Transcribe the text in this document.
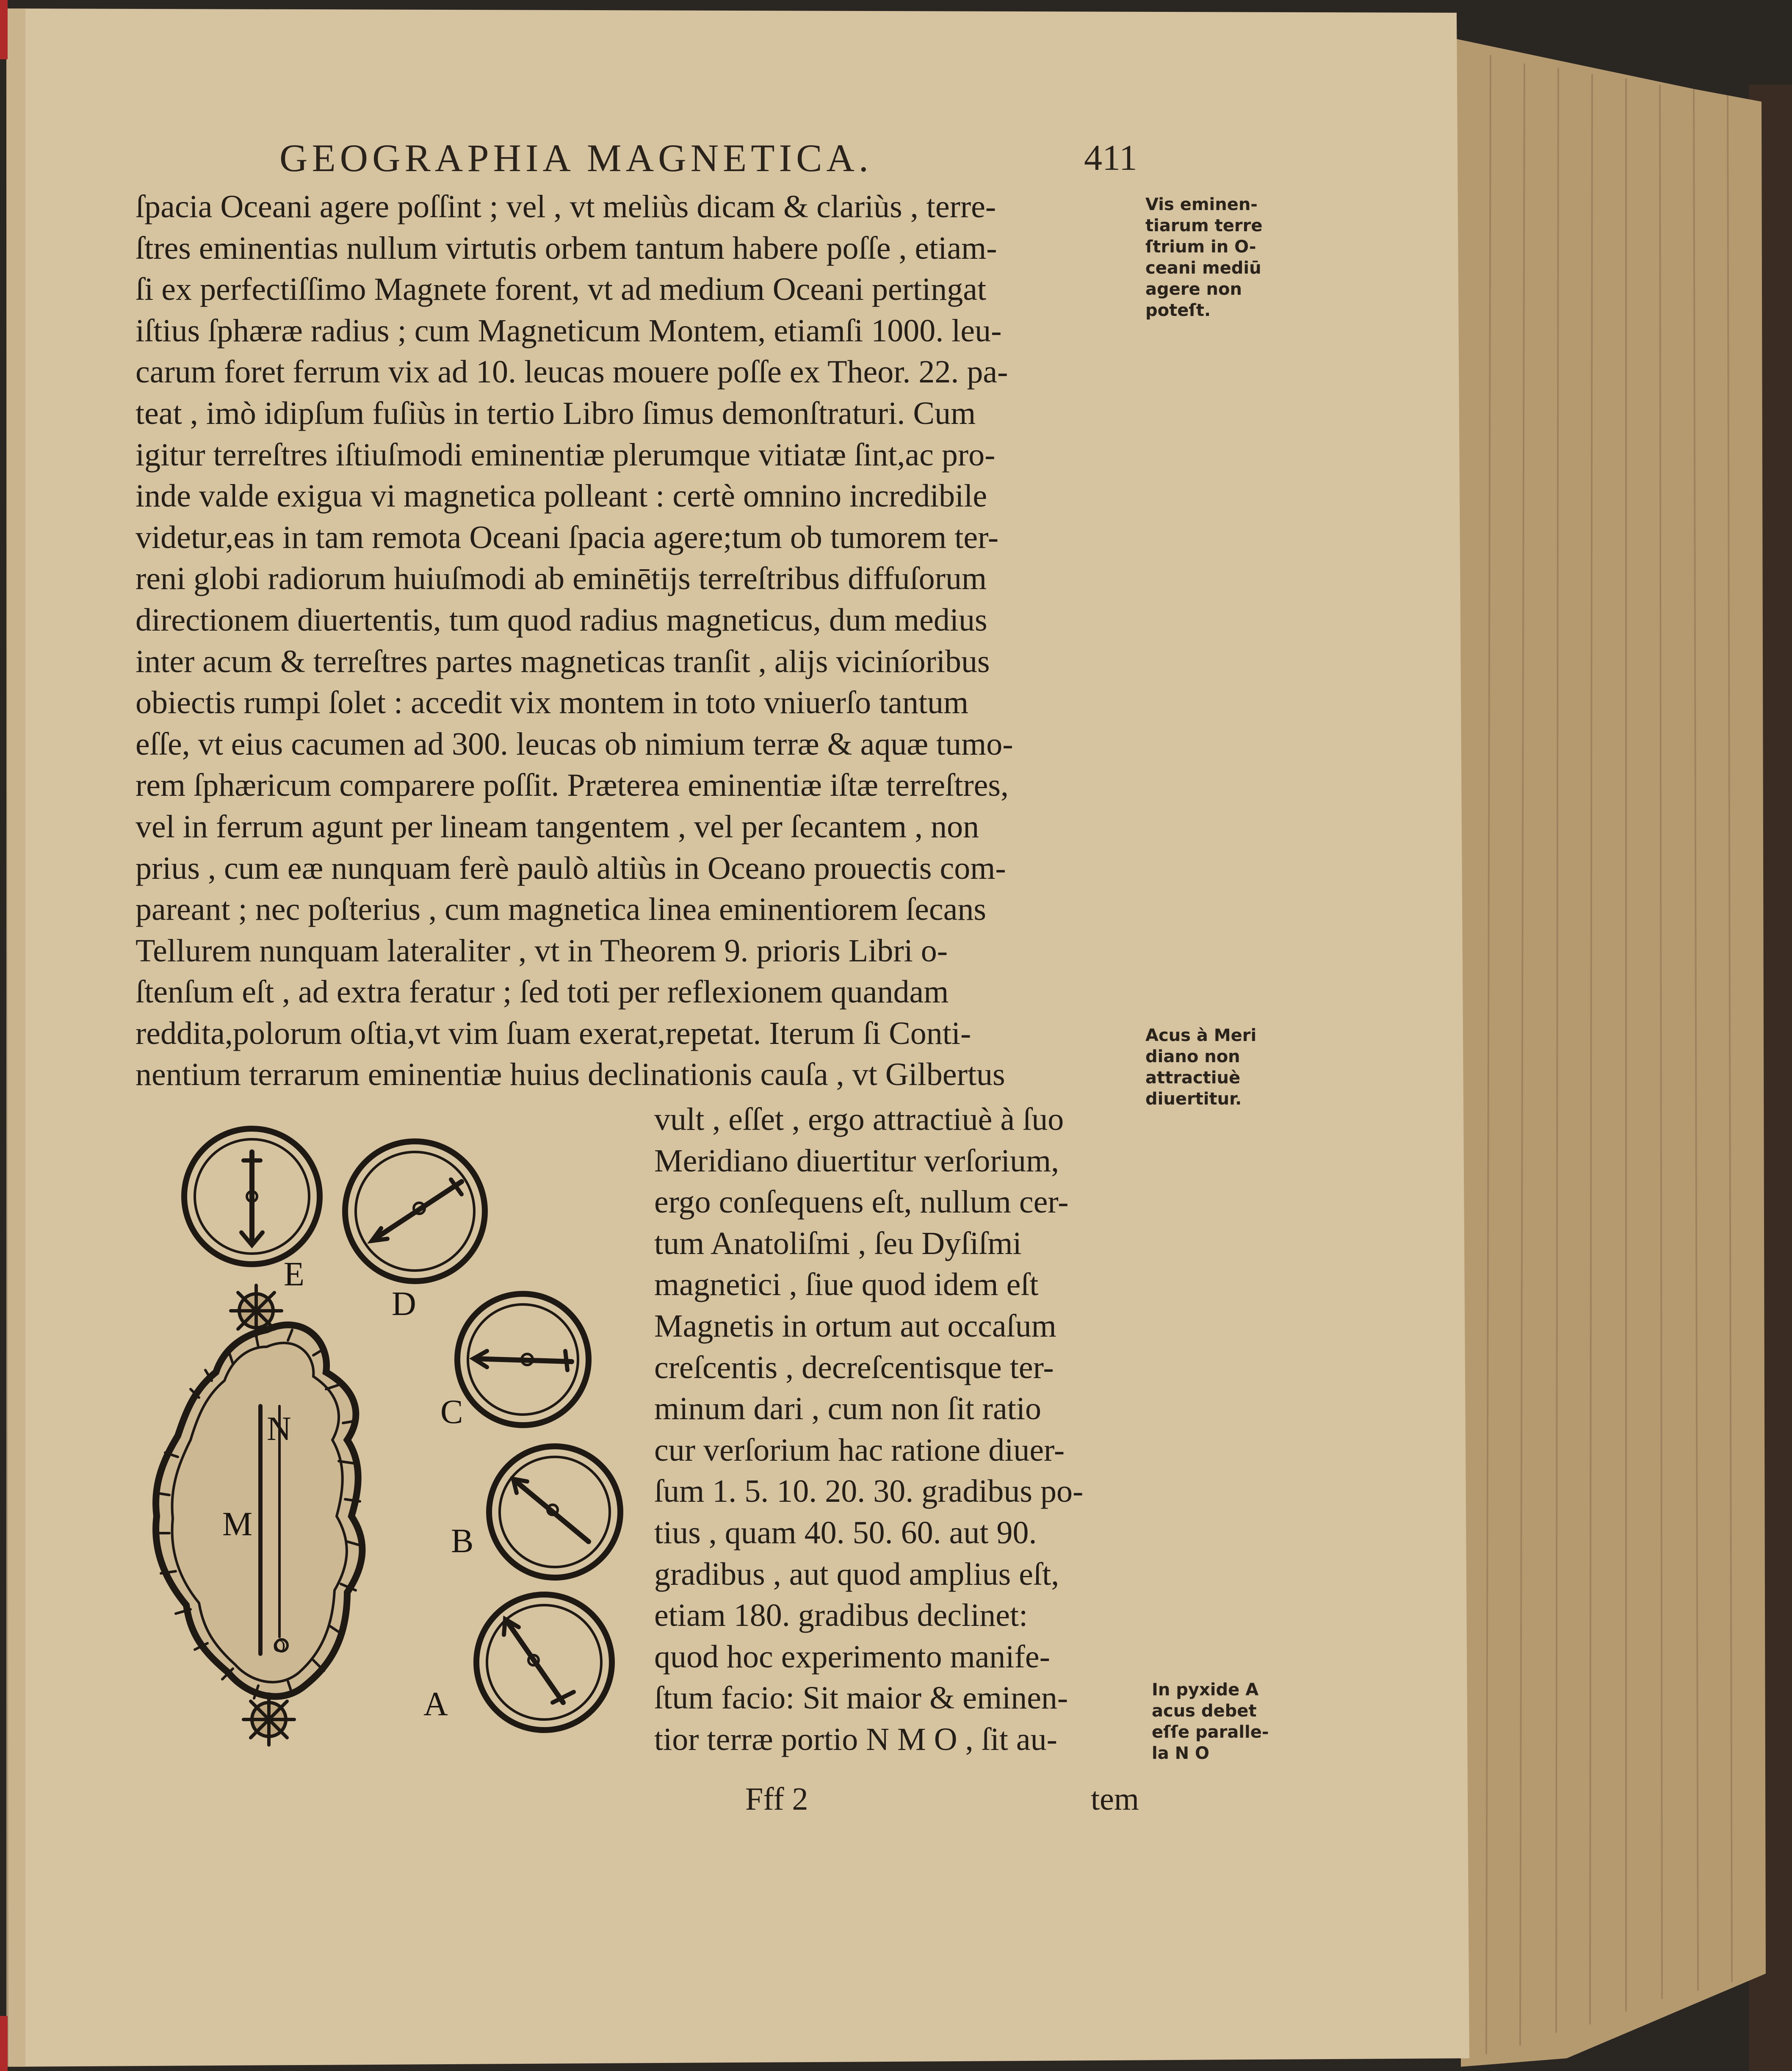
GEOGRAPHIA MAGNETICA.	411
ſpacia Oceani agere poſſint ; vel , vt meliùs dicam & clariùs , terre-
ſtres eminentias nullum virtutis orbem tantum habere poſſe , etiam-
ſi ex perfectiſſimo Magnete forent, vt ad medium Oceani pertingat
iſtius ſphæræ radius ; cum Magneticum Montem, etiamſi 1000. leu-
carum foret ferrum vix ad 10. leucas mouere poſſe ex Theor. 22. pa-
teat , imò idipſum fuſiùs in tertio Libro ſimus demonſtraturi. Cum
igitur terreſtres iſtiuſmodi eminentiæ plerumque vitiatæ ſint,ac pro-
inde valde exigua vi magnetica polleant : certè omnino incredibile
videtur,eas in tam remota Oceani ſpacia agere;tum ob tumorem ter-
reni globi radiorum huiuſmodi ab eminētijs terreſtribus diffuſorum
directionem diuertentis, tum quod radius magneticus, dum medius
inter acum & terreſtres partes magneticas tranſit , alijs viciníoribus
obiectis rumpi ſolet : accedit vix montem in toto vniuerſo tantum
eſſe, vt eius cacumen ad 300. leucas ob nimium terræ & aquæ tumo-
rem ſphæricum comparere poſſit. Præterea eminentiæ iſtæ terreſtres,
vel in ferrum agunt per lineam tangentem , vel per ſecantem , non
prius , cum eæ nunquam ferè paulò altiùs in Oceano prouectis com-
pareant ; nec poſterius , cum magnetica linea eminentiorem ſecans
Tellurem nunquam lateraliter , vt in Theorem 9. prioris Libri o-
ſtenſum eſt , ad extra feratur ; ſed toti per reflexionem quandam
reddita,polorum oſtia,vt vim ſuam exerat,repetat. Iterum ſi Conti-
nentium terrarum eminentiæ huius declinationis cauſa , vt Gilbertus
vult , eſſet , ergo attractiuè à ſuo
Meridiano diuertitur verſorium,
ergo conſequens eſt, nullum cer-
tum Anatoliſmi , ſeu Dyſiſmi
magnetici , ſiue quod idem eſt
Magnetis in ortum aut occaſum
creſcentis , decreſcentisque ter-
minum dari , cum non ſit ratio
cur verſorium hac ratione diuer-
ſum 1. 5. 10. 20. 30. gradibus po-
tius , quam 40. 50. 60. aut 90.
gradibus , aut quod amplius eſt,
etiam 180. gradibus declinet:
quod hoc experimento manife-
ſtum facio: Sit maior & eminen-
tior terræ portio N M O , ſit au-
Fff 2	tem
Vis eminen-
tiarum terre
ſtrium in O-
ceani mediū
agere non
poteſt.
Acus à Meri
diano non
attractiuè
diuertitur.
In pyxide A
acus debet
eſſe paralle-
la N O
E
D
C
B
A
N
M
O
